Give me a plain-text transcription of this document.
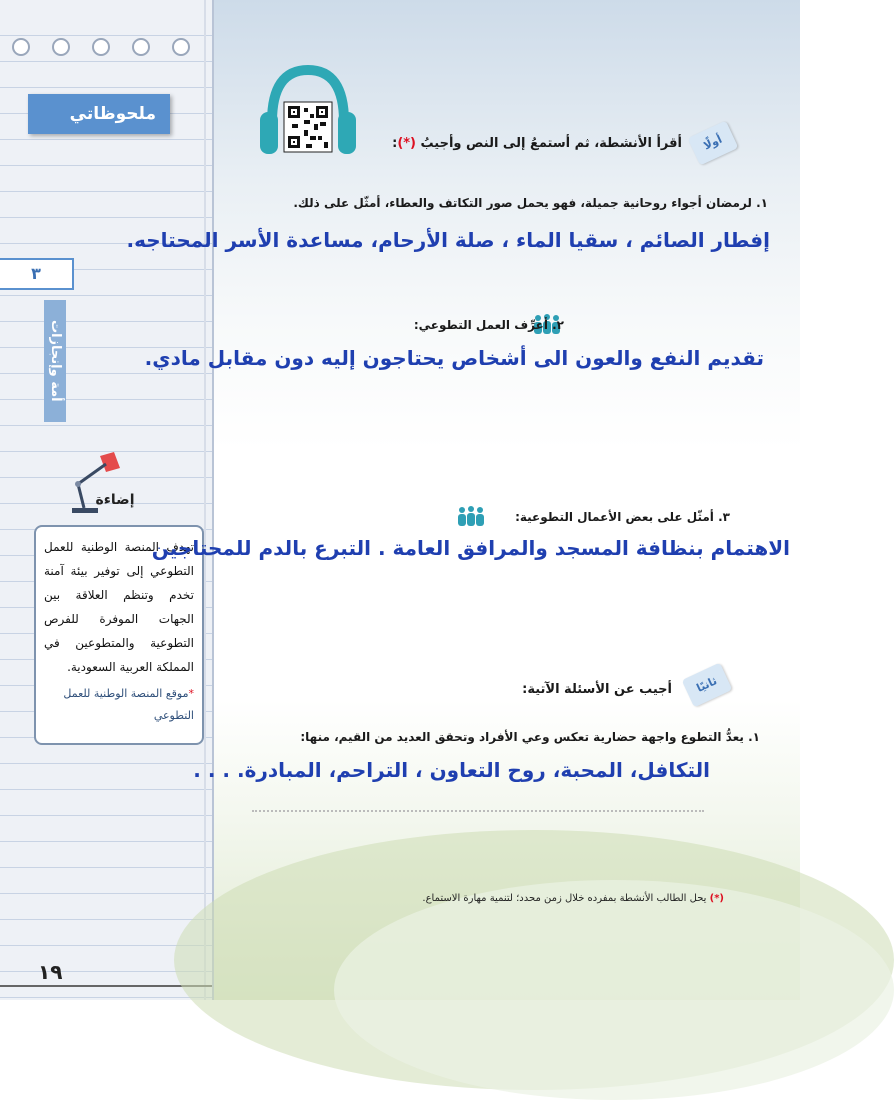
ملحوظاتي
٣
أمة وإنجازات
إضاءة

تهدف المنصة الوطنية للعمل التطوعي إلى توفير بيئة آمنة تخدم وتنظم العلاقة بين الجهات الموفرة للفرص التطوعية والمتطوعين في المملكة العربية السعودية.

*موقع المنصة الوطنية للعمل التطوعي
١٩
أولًا
أقرأ الأنشطة، ثم أستمعُ إلى النص وأجيبُ (*):
١. لرمضان أجواء روحانية جميلة، فهو يحمل صور التكاتف والعطاء، أمثّل على ذلك.
إفطار الصائم ، سقيا الماء ، صلة الأرحام، مساعدة الأسر المحتاجه.
٢. أعرِّف العمل التطوعي:
تقديم النفع والعون الى أشخاص يحتاجون إليه دون مقابل مادي.
٣. أمثّل على بعض الأعمال التطوعية:
الاهتمام بنظافة المسجد والمرافق العامة . التبرع بالدم للمحتاجين
ثانيًا
أجيب عن الأسئلة الآتية:
١. يعدُّ التطوع واجهة حضارية تعكس وعي الأفراد وتحقق العديد من القيم، منها:
التكافل، المحبة، روح التعاون ، التراحم، المبادرة. . . .
(*) يحل الطالب الأنشطة بمفرده خلال زمن محدد؛ لتنمية مهارة الاستماع.
